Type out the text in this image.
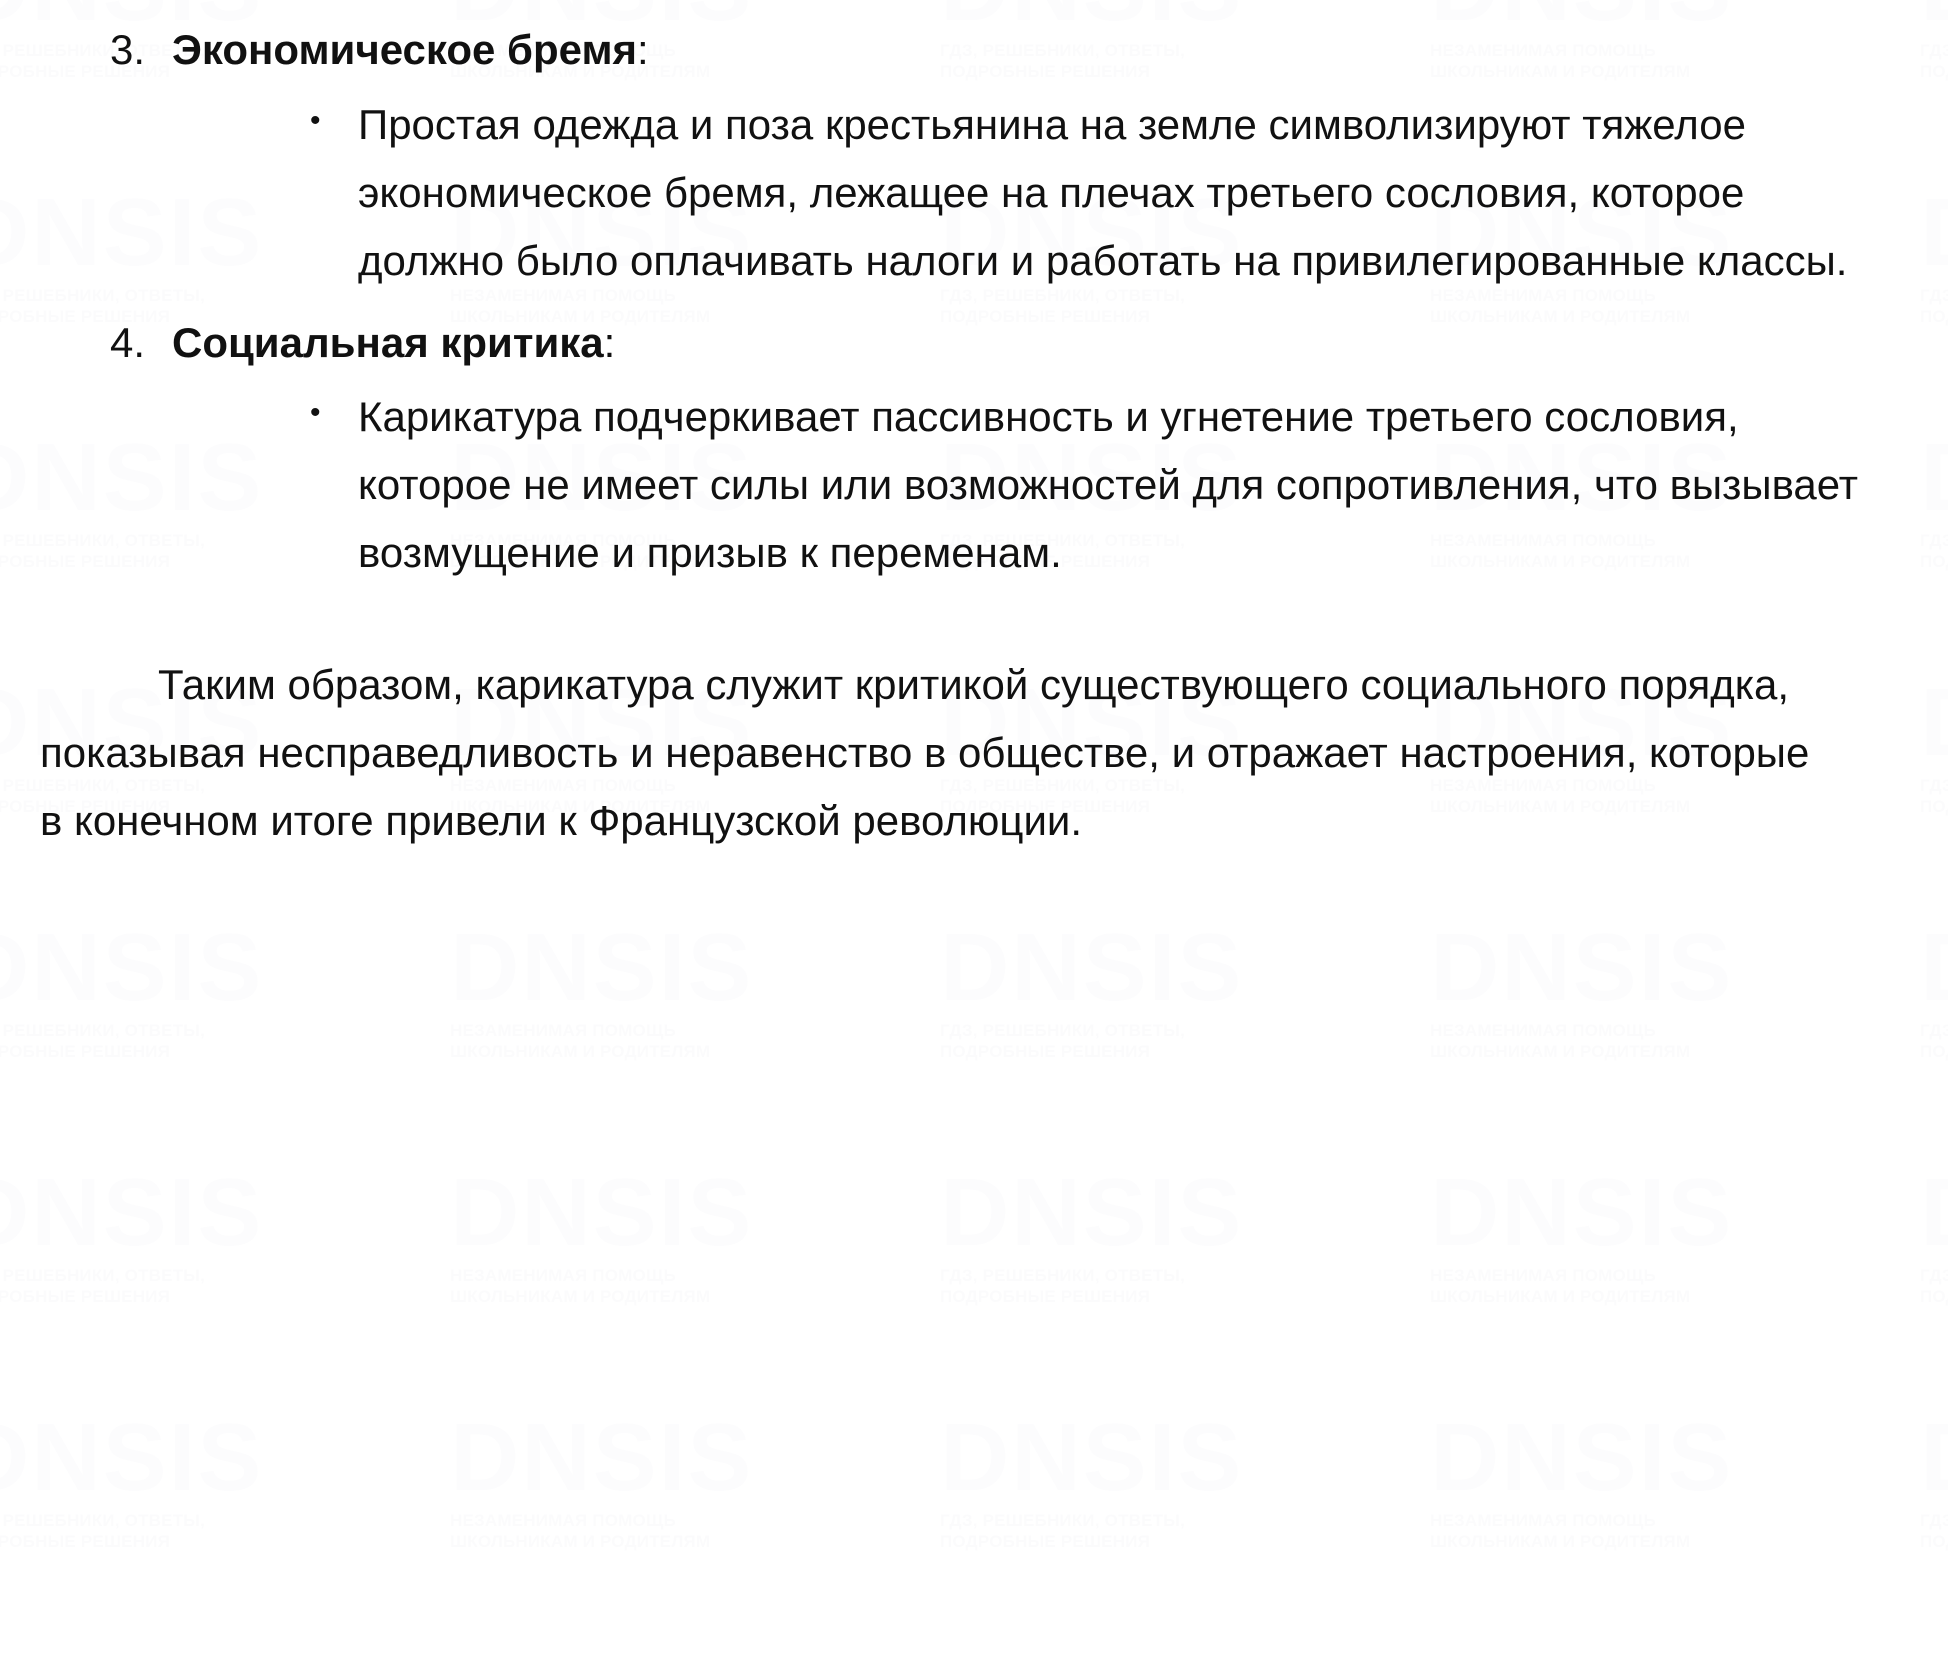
3. Экономическое бремя:
• Простая одежда и поза крестьянина на земле символизируют тяжелое экономическое бремя, лежащее на плечах третьего сословия, которое должно было оплачивать налоги и работать на привилегированные классы.
4. Социальная критика:
• Карикатура подчеркивает пассивность и угнетение третьего сословия, которое не имеет силы или возможностей для сопротивления, что вызывает возмущение и призыв к переменам.

Таким образом, карикатура служит критикой существующего социального порядка, показывая несправедливость и неравенство в обществе, и отражает настроения, которые в конечном итоге привели к Французской революции.
